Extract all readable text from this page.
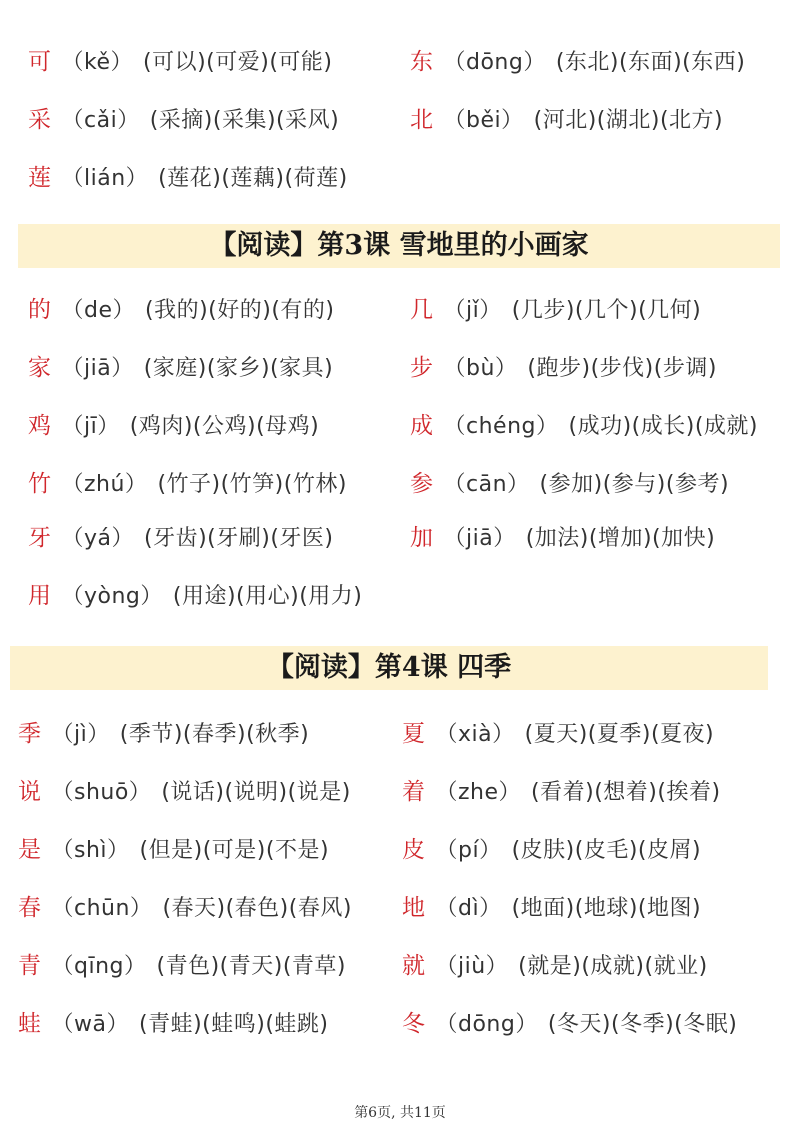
可 （kě） (可以)(可爱)(可能)
采 （cǎi） (采摘)(采集)(采风)
莲 （lián） (莲花)(莲藕)(荷莲)
东 （dōng） (东北)(东面)(东西)
北 （běi） (河北)(湖北)(北方)
【阅读】第3课 雪地里的小画家
的 （de） (我的)(好的)(有的)
家 （jiā） (家庭)(家乡)(家具)
鸡 （jī） (鸡肉)(公鸡)(母鸡)
竹 （zhú） (竹子)(竹笋)(竹林)
牙 （yá） (牙齿)(牙刷)(牙医)
用 （yòng） (用途)(用心)(用力)
几 （jǐ） (几步)(几个)(几何)
步 （bù） (跑步)(步伐)(步调)
成 （chéng） (成功)(成长)(成就)
参 （cān） (参加)(参与)(参考)
加 （jiā） (加法)(增加)(加快)
【阅读】第4课 四季
季 （jì） (季节)(春季)(秋季)
说 （shuō） (说话)(说明)(说是)
是 （shì） (但是)(可是)(不是)
春 （chūn） (春天)(春色)(春风)
青 （qīng） (青色)(青天)(青草)
蛙 （wā） (青蛙)(蛙鸣)(蛙跳)
夏 （xià） (夏天)(夏季)(夏夜)
着 （zhe） (看着)(想着)(挨着)
皮 （pí） (皮肤)(皮毛)(皮屑)
地 （dì） (地面)(地球)(地图)
就 （jiù） (就是)(成就)(就业)
冬 （dōng） (冬天)(冬季)(冬眠)
第6页, 共11页
